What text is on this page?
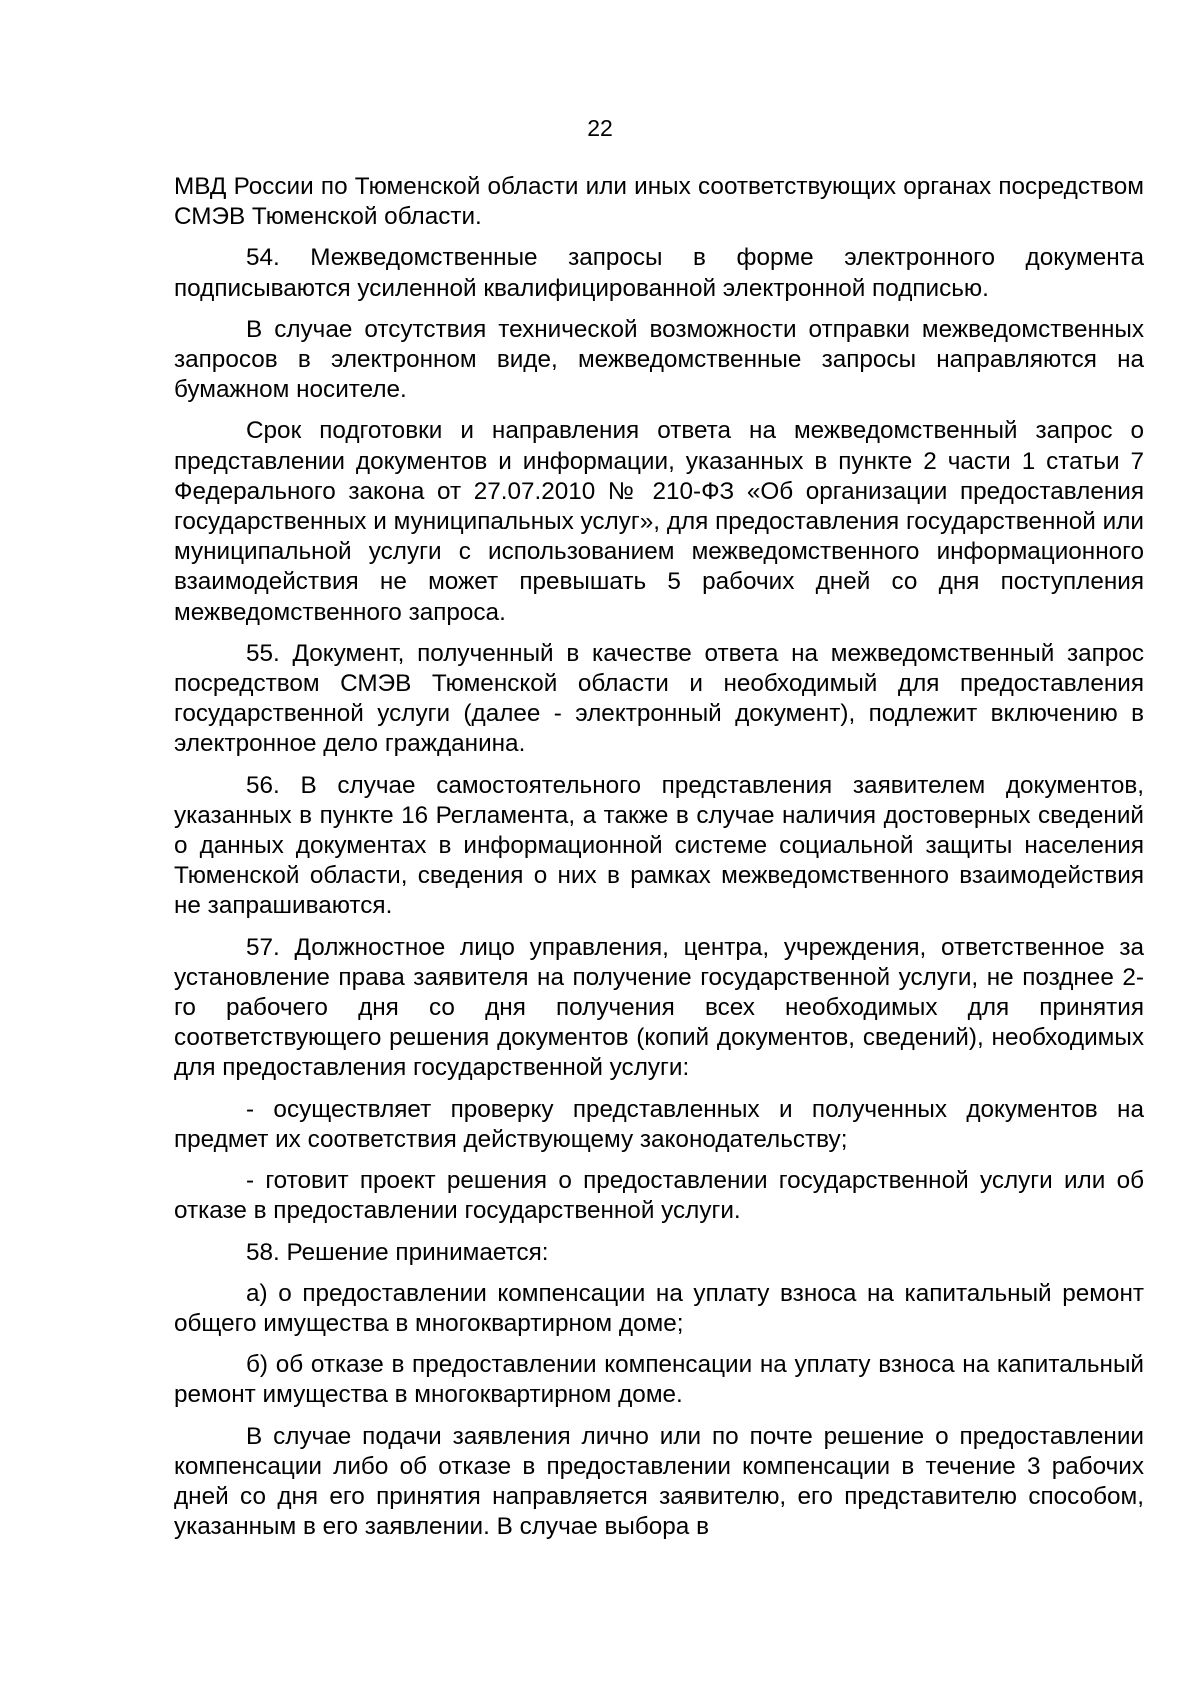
22

МВД России по Тюменской области или иных соответствующих органах посредством СМЭВ Тюменской области.

54. Межведомственные запросы в форме электронного документа подписываются усиленной квалифицированной электронной подписью.

В случае отсутствия технической возможности отправки межведомственных запросов в электронном виде, межведомственные запросы направляются на бумажном носителе.

Срок подготовки и направления ответа на межведомственный запрос о представлении документов и информации, указанных в пункте 2 части 1 статьи 7 Федерального закона от 27.07.2010 № 210-ФЗ «Об организации предоставления государственных и муниципальных услуг», для предоставления государственной или муниципальной услуги с использованием межведомственного информационного взаимодействия не может превышать 5 рабочих дней со дня поступления межведомственного запроса.

55. Документ, полученный в качестве ответа на межведомственный запрос посредством СМЭВ Тюменской области и необходимый для предоставления государственной услуги (далее - электронный документ), подлежит включению в электронное дело гражданина.

56. В случае самостоятельного представления заявителем документов, указанных в пункте 16 Регламента, а также в случае наличия достоверных сведений о данных документах в информационной системе социальной защиты населения Тюменской области, сведения о них в рамках межведомственного взаимодействия не запрашиваются.

57. Должностное лицо управления, центра, учреждения, ответственное за установление права заявителя на получение государственной услуги, не позднее 2-го рабочего дня со дня получения всех необходимых для принятия соответствующего решения документов (копий документов, сведений), необходимых для предоставления государственной услуги:

- осуществляет проверку представленных и полученных документов на предмет их соответствия действующему законодательству;

- готовит проект решения о предоставлении государственной услуги или об отказе в предоставлении государственной услуги.

58. Решение принимается:

а) о предоставлении компенсации на уплату взноса на капитальный ремонт общего имущества в многоквартирном доме;

б) об отказе в предоставлении компенсации на уплату взноса на капитальный ремонт имущества в многоквартирном доме.

В случае подачи заявления лично или по почте решение о предоставлении компенсации либо об отказе в предоставлении компенсации в течение 3 рабочих дней со дня его принятия направляется заявителю, его представителю способом, указанным в его заявлении. В случае выбора в
